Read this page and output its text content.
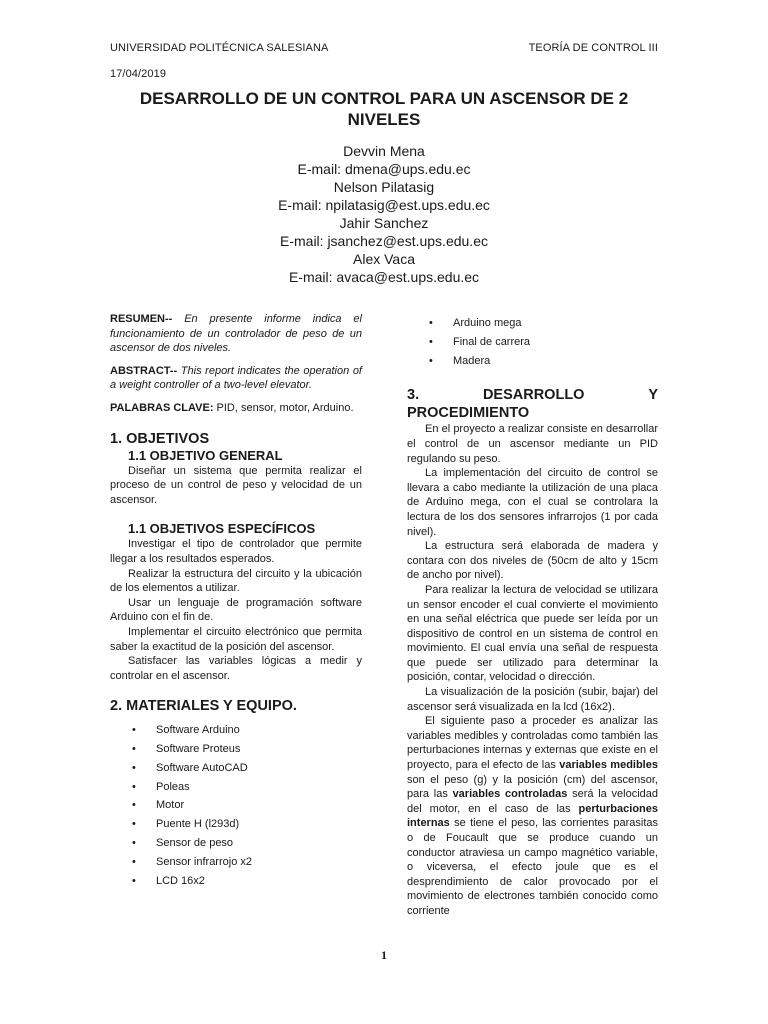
UNIVERSIDAD POLITÉCNICA SALESIANA	TEORÍA DE CONTROL III
17/04/2019
DESARROLLO DE UN CONTROL PARA UN ASCENSOR DE 2
NIVELES
Devvin Mena
E-mail: dmena@ups.edu.ec
Nelson Pilatasig
E-mail: npilatasig@est.ups.edu.ec
Jahir Sanchez
E-mail: jsanchez@est.ups.edu.ec
Alex Vaca
E-mail: avaca@est.ups.edu.ec

RESUMEN-- En presente informe indica el funcionamiento de un controlador de peso de un ascensor de dos niveles.

ABSTRACT-- This report indicates the operation of a weight controller of a two-level elevator.

PALABRAS CLAVE: PID, sensor, motor, Arduino.

1. OBJETIVOS
1.1 OBJETIVO GENERAL

Diseñar un sistema que permita realizar el proceso de un control de peso y velocidad de un ascensor.

1.1 OBJETIVOS ESPECÍFICOS

Investigar el tipo de controlador que permite llegar a los resultados esperados.

Realizar la estructura del circuito y la ubicación de los elementos a utilizar.

Usar un lenguaje de programación software Arduino con el fin de.

Implementar el circuito electrónico que permita saber la exactitud de la posición del ascensor.

Satisfacer las variables lógicas a medir y controlar en el ascensor.

2. MATERIALES Y EQUIPO.
• Software Arduino
• Software Proteus
• Software AutoCAD
• Poleas
• Motor
• Puente H (l293d)
• Sensor de peso
• Sensor infrarrojo x2
• LCD 16x2
• Arduino mega
• Final de carrera
• Madera
3.	DESARROLLO	Y
PROCEDIMIENTO

En el proyecto a realizar consiste en desarrollar el control de un ascensor mediante un PID regulando su peso.

La implementación del circuito de control se llevara a cabo mediante la utilización de una placa de Arduino mega, con el cual se controlara la lectura de los dos sensores infrarrojos (1 por cada nivel).

La estructura será elaborada de madera y contara con dos niveles de (50cm de alto y 15cm de ancho por nivel).

Para realizar la lectura de velocidad se utilizara un sensor encoder el cual convierte el movimiento en una señal eléctrica que puede ser leída por un dispositivo de control en un sistema de control en movimiento. El cual envía una señal de respuesta que puede ser utilizado para determinar la posición, contar, velocidad o dirección.

La visualización de la posición (subir, bajar) del ascensor será visualizada en la lcd (16x2).

El siguiente paso a proceder es analizar las variables medibles y controladas como también las perturbaciones internas y externas que existe en el proyecto, para el efecto de las variables medibles son el peso (g) y la posición (cm) del ascensor, para las variables controladas será la velocidad del motor, en el caso de las perturbaciones internas se tiene el peso, las corrientes parasitas o de Foucault que se produce cuando un conductor atraviesa un campo magnético variable, o viceversa, el efecto joule que es el desprendimiento de calor provocado por el movimiento de electrones también conocido como corriente

1
